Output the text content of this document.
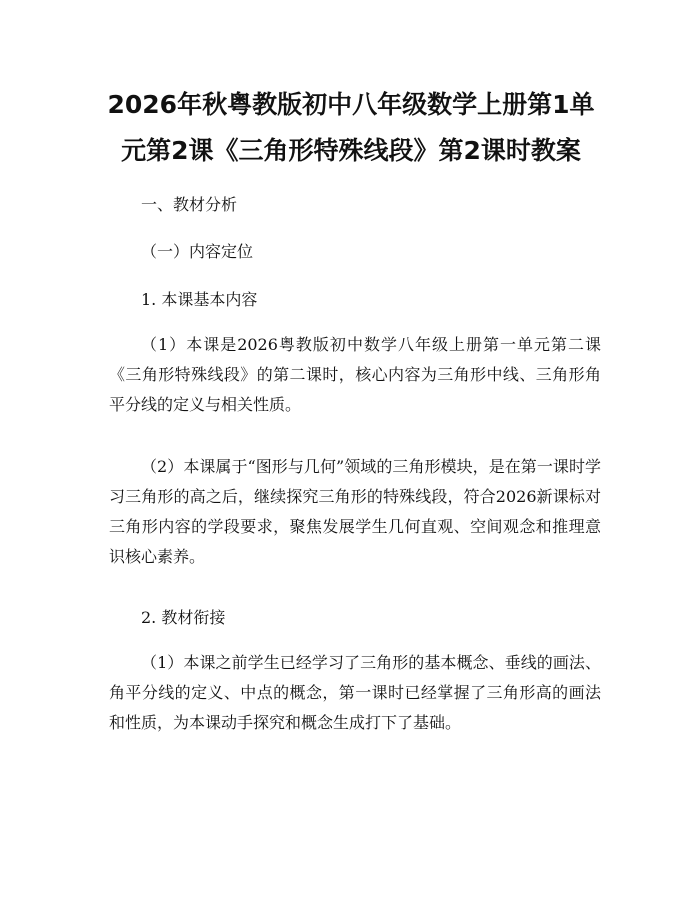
2026年秋粤教版初中八年级数学上册第1单
元第2课《三角形特殊线段》第2课时教案
一、教材分析
（一）内容定位
1. 本课基本内容
（1）本课是2026粤教版初中数学八年级上册第一单元第二课《三角形特殊线段》的第二课时，核心内容为三角形中线、三角形角平分线的定义与相关性质。
（2）本课属于“图形与几何”领域的三角形模块，是在第一课时学习三角形的高之后，继续探究三角形的特殊线段，符合2026新课标对三角形内容的学段要求，聚焦发展学生几何直观、空间观念和推理意识核心素养。
2. 教材衔接
（1）本课之前学生已经学习了三角形的基本概念、垂线的画法、角平分线的定义、中点的概念，第一课时已经掌握了三角形高的画法和性质，为本课动手探究和概念生成打下了基础。
